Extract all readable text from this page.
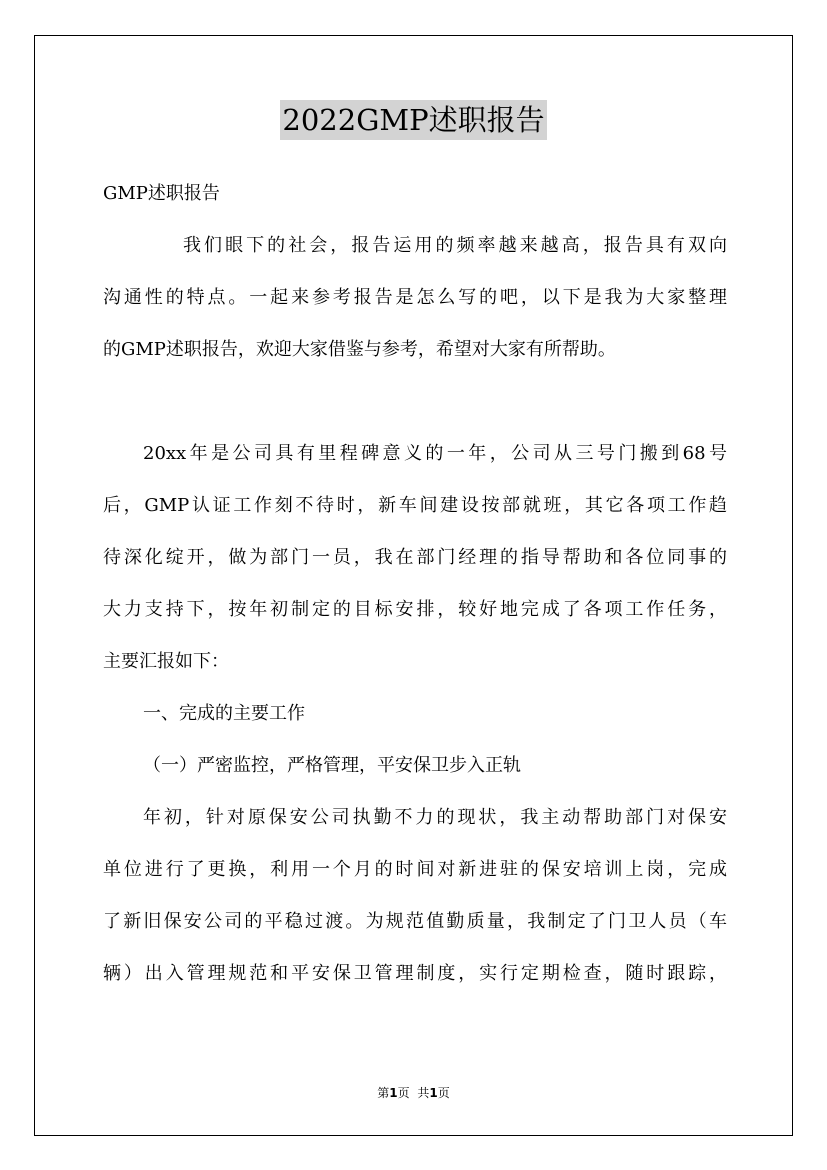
2022GMP述职报告
GMP述职报告
我们眼下的社会，报告运用的频率越来越高，报告具有双向
沟通性的特点。一起来参考报告是怎么写的吧，以下是我为大家整理
的GMP述职报告，欢迎大家借鉴与参考，希望对大家有所帮助。
20xx年是公司具有里程碑意义的一年，公司从三号门搬到68号
后，GMP认证工作刻不待时，新车间建设按部就班，其它各项工作趋
待深化绽开，做为部门一员，我在部门经理的指导帮助和各位同事的
大力支持下，按年初制定的目标安排，较好地完成了各项工作任务，
主要汇报如下：
一、完成的主要工作
（一）严密监控，严格管理，平安保卫步入正轨
年初，针对原保安公司执勤不力的现状，我主动帮助部门对保安
单位进行了更换，利用一个月的时间对新进驻的保安培训上岗，完成
了新旧保安公司的平稳过渡。为规范值勤质量，我制定了门卫人员（车
辆）出入管理规范和平安保卫管理制度，实行定期检查，随时跟踪，
第1页 共1页
